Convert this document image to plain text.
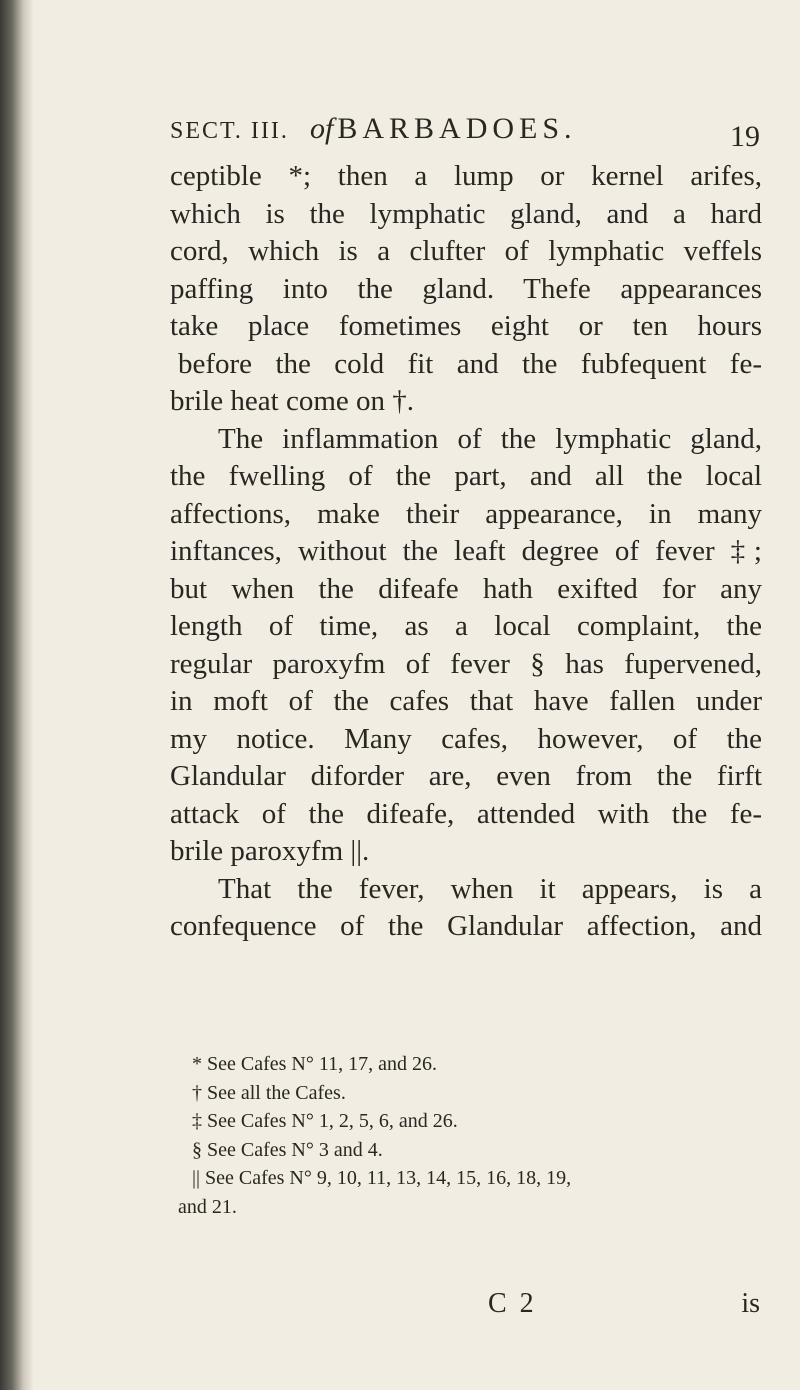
SECT. III. of BARBADOES.	19
ceptible *; then a lump or kernel arifes,
which is the lymphatic gland, and a hard
cord, which is a clufter of lymphatic veffels
paffing into the gland. Thefe appearances
take place fometimes eight or ten hours
before the cold fit and the fubfequent fe-
brile heat come on †.
The inflammation of the lymphatic gland,
the fwelling of the part, and all the local
affections, make their appearance, in many
inftances, without the leaft degree of fever ‡;
but when the difeafe hath exifted for any
length of time, as a local complaint, the
regular paroxyfm of fever § has fupervened,
in moft of the cafes that have fallen under
my notice. Many cafes, however, of the
Glandular diforder are, even from the firft
attack of the difeafe, attended with the fe-
brile paroxyfm ||.
That the fever, when it appears, is a
confequence of the Glandular affection, and
* See Cafes N° 11, 17, and 26.
† See all the Cafes.
‡ See Cafes N° 1, 2, 5, 6, and 26.
§ See Cafes N° 3 and 4.
|| See Cafes N° 9, 10, 11, 13, 14, 15, 16, 18, 19,
and 21.
C 2	is
